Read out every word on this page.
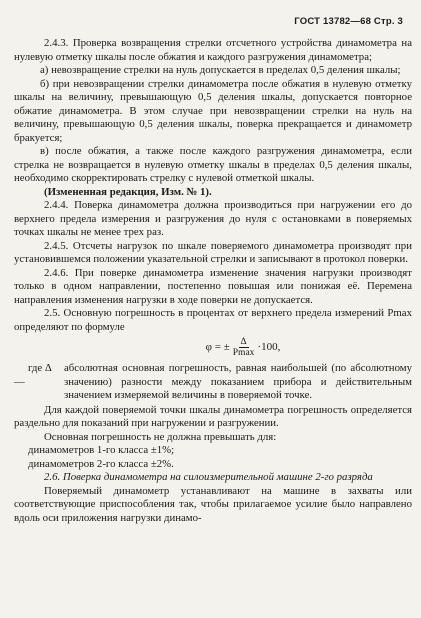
ГОСТ 13782—68 Стр. 3

2.4.3. Проверка возвращения стрелки отсчетного устройства динамометра на нулевую отметку шкалы после обжатия и каждого разгружения динамометра;

а) невозвращение стрелки на нуль допускается в пределах 0,5 деления шкалы;

б) при невозвращении стрелки динамометра после обжатия в нулевую отметку шкалы на величину, превышающую 0,5 деления шкалы, допускается повторное обжатие динамометра. В этом случае при невозвращении стрелки на нуль на величину, превышающую 0,5 деления шкалы, поверка прекращается и динамометр бракуется;

в) после обжатия, а также после каждого разгружения динамометра, если стрелка не возвращается в нулевую отметку шкалы в пределах 0,5 деления шкалы, необходимо скорректировать стрелку с нулевой отметкой шкалы.

(Измененная редакция, Изм. № 1).

2.4.4. Поверка динамометра должна производиться при нагружении его до верхнего предела измерения и разгружения до нуля с остановками в поверяемых точках шкалы не менее трех раз.

2.4.5. Отсчеты нагрузок по шкале поверяемого динамометра производят при установившемся положении указательной стрелки и записывают в протокол поверки.

2.4.6. При поверке динамометра изменение значения нагрузки производят только в одном направлении, постепенно повышая или понижая её. Перемена направления изменения нагрузки в ходе поверки не допускается.

2.5. Основную погрешность в процентах от верхнего предела измерений Pmax определяют по формуле

φ = ± $\frac{\Delta}{Pmax} \cdot 100$,
где Δ —
абсолютная основная погрешность, равная наибольшей (по абсолютному значению) разности между показанием прибора и действительным значением измеряемой величины в поверяемой точке.

Для каждой поверяемой точки шкалы динамометра погрешность определяется раздельно для показаний при нагружении и разгружении.

Основная погрешность не должна превышать для:

динамометров 1-го класса ±1%;

динамометров 2-го класса ±2%.

2.6. Поверка динамометра на силоизмерительной машине 2-го разряда

Поверяемый динамометр устанавливают на машине в захваты или соответствующие приспособления так, чтобы прилагаемое усилие было направлено вдоль оси приложения нагрузки динамо-
